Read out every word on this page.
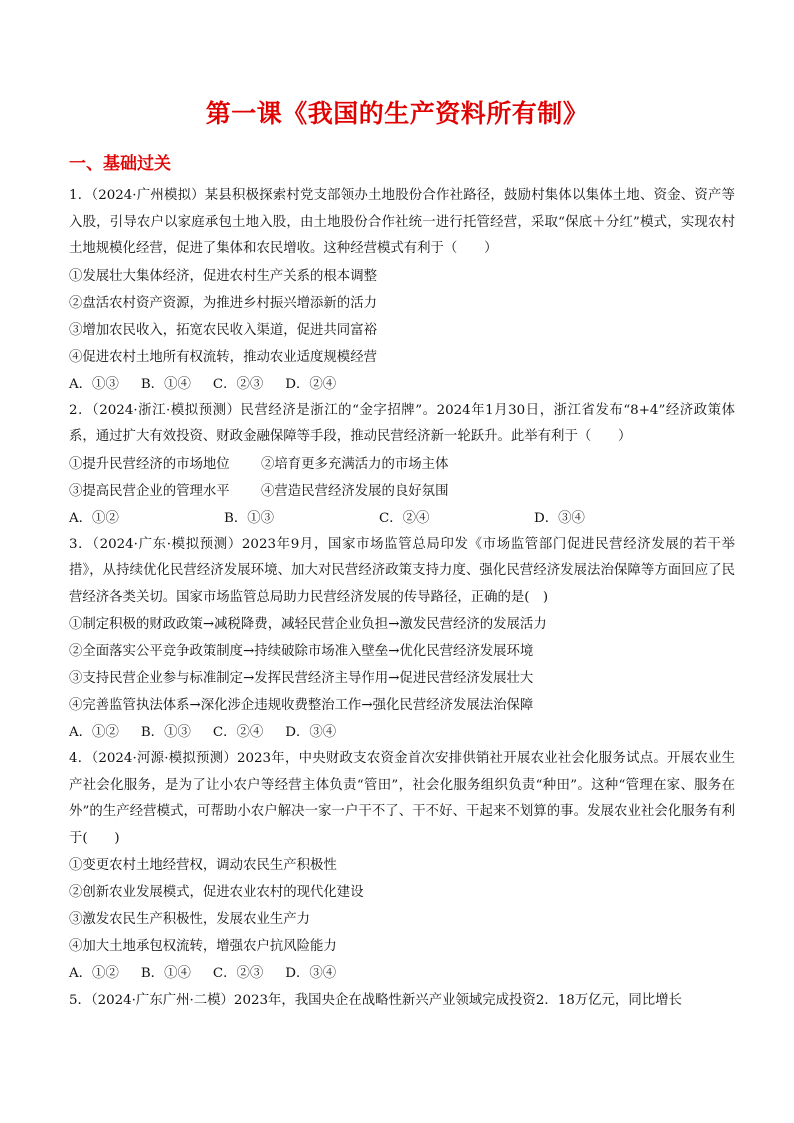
第一课《我国的生产资料所有制》
一、基础过关
1．（2024·广州模拟）某县积极探索村党支部领办土地股份合作社路径，鼓励村集体以集体土地、资金、资产等入股，引导农户以家庭承包土地入股，由土地股份合作社统一进行托管经营，采取“保底＋分红”模式，实现农村土地规模化经营，促进了集体和农民增收。这种经营模式有利于（　　）
①发展壮大集体经济，促进农村生产关系的根本调整
②盘活农村资产资源，为推进乡村振兴增添新的活力
③增加农民收入，拓宽农民收入渠道，促进共同富裕
④促进农村土地所有权流转，推动农业适度规模经营
A．①③ B．①④ C．②③ D．②④
2．（2024·浙江·模拟预测）民营经济是浙江的“金字招牌”。2024年1月30日，浙江省发布“8+4”经济政策体系，通过扩大有效投资、财政金融保障等手段，推动民营经济新一轮跃升。此举有利于（　　）
①提升民营经济的市场地位 ②培育更多充满活力的市场主体
③提高民营企业的管理水平 ④营造民营经济发展的良好氛围
A．①②	B．①③	C．②④	D．③④
3．（2024·广东·模拟预测）2023年9月，国家市场监管总局印发《市场监管部门促进民营经济发展的若干举措》，从持续优化民营经济发展环境、加大对民营经济政策支持力度、强化民营经济发展法治保障等方面回应了民营经济各类关切。国家市场监管总局助力民营经济发展的传导路径，正确的是(　)
①制定积极的财政政策→减税降费，减轻民营企业负担→激发民营经济的发展活力
②全面落实公平竞争政策制度→持续破除市场准入壁垒→优化民营经济发展环境
③支持民营企业参与标准制定→发挥民营经济主导作用→促进民营经济发展壮大
④完善监管执法体系→深化涉企违规收费整治工作→强化民营经济发展法治保障
A．①② B．①③ C．②④ D．③④
4．（2024·河源·模拟预测）2023年，中央财政支农资金首次安排供销社开展农业社会化服务试点。开展农业生产社会化服务，是为了让小农户等经营主体负责“管田”，社会化服务组织负责“种田”。这种“管理在家、服务在外”的生产经营模式，可帮助小农户解决一家一户干不了、干不好、干起来不划算的事。发展农业社会化服务有利于(　　)
①变更农村土地经营权，调动农民生产积极性
②创新农业发展模式，促进农业农村的现代化建设
③激发农民生产积极性，发展农业生产力
④加大土地承包权流转，增强农户抗风险能力
A．①② B．①④ C．②③ D．③④
5．（2024·广东广州·二模）2023年，我国央企在战略性新兴产业领域完成投资2．18万亿元，同比增长
